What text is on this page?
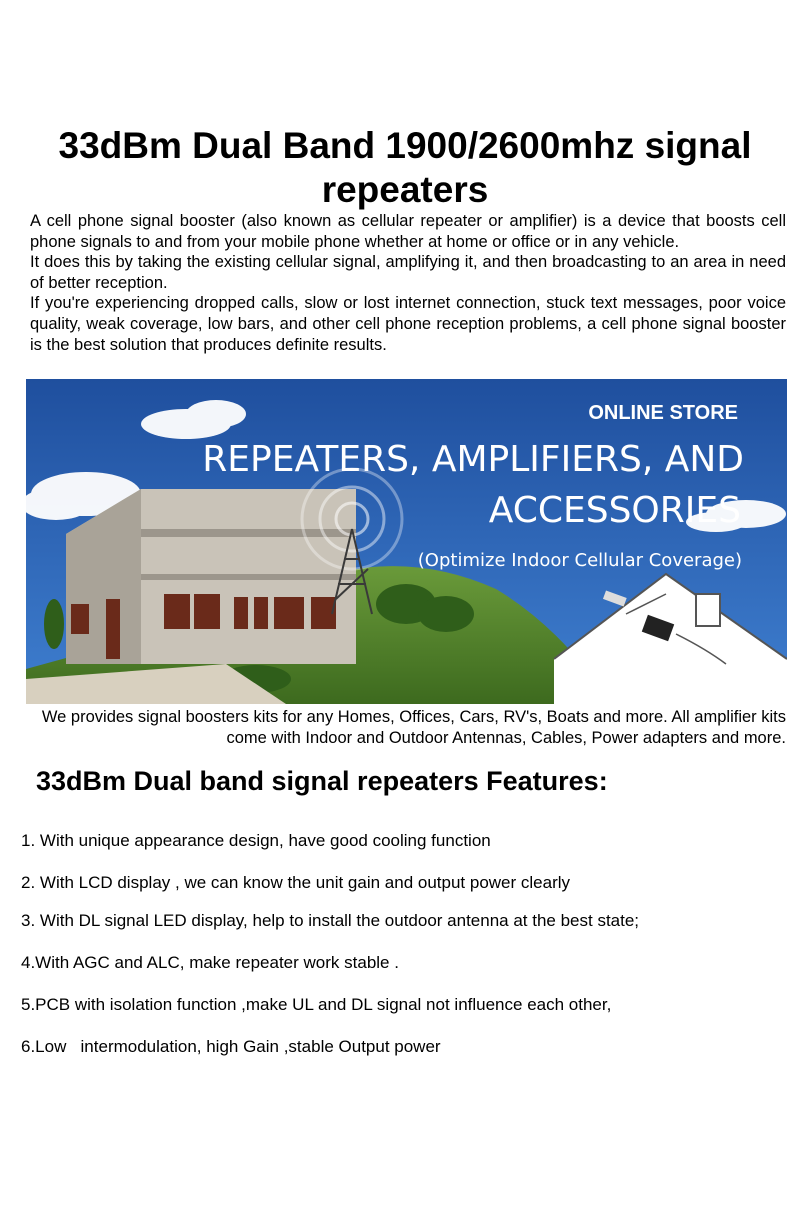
33dBm Dual Band 1900/2600mhz signal repeaters

A cell phone signal booster (also known as cellular repeater or amplifier) is a device that boosts cell phone signals to and from your mobile phone whether at home or office or in any vehicle.

It does this by taking the existing cellular signal, amplifying it, and then broadcasting to an area in need of better reception.

If you're experiencing dropped calls, slow or lost internet connection, stuck text messages, poor voice quality, weak coverage, low bars, and other cell phone reception problems, a cell phone signal booster is the best solution that produces definite results.

ONLINE STORE
REPEATERS, AMPLIFIERS, AND
ACCESSORIES
(Optimize Indoor Cellular Coverage)

We provides signal boosters kits for any Homes, Offices, Cars, RV's, Boats and more. All amplifier kits come with Indoor and Outdoor Antennas, Cables, Power adapters and more.

33dBm Dual band signal repeaters Features:

1. With unique appearance design, have good cooling function

2. With LCD display , we can know the unit gain and output power clearly

3. With DL signal LED display, help to install the outdoor antenna at the best state;

4.With AGC and ALC, make repeater work stable .

5.PCB with isolation function ,make UL and DL signal not influence each other,

6.Low   intermodulation, high Gain ,stable Output power
